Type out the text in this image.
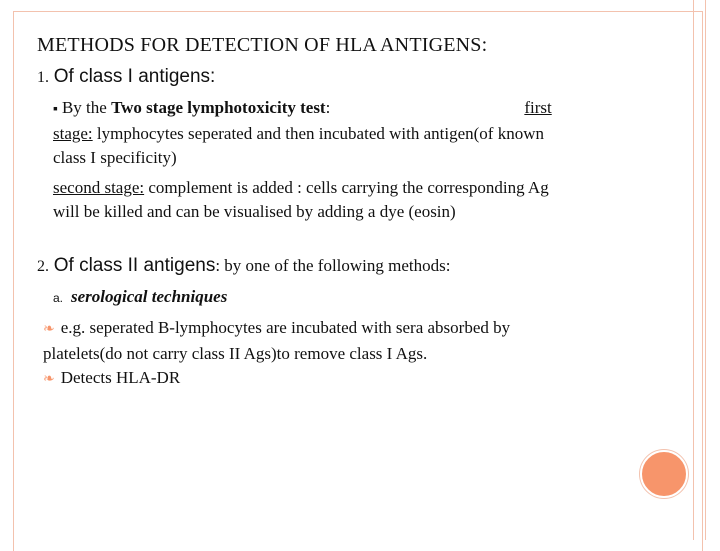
METHODS FOR DETECTION OF HLA ANTIGENS:
1. Of class I antigens:
▪ By the Two stage lymphotoxicity test:	first
stage: lymphocytes seperated and then incubated with antigen(of known
class I specificity)
second stage: complement is added : cells carrying the corresponding Ag
will be killed and can be visualised by adding a dye (eosin)
2. Of class II antigens: by one of the following methods:
a. serological techniques
❧ e.g. seperated B-lymphocytes are incubated with sera absorbed by
platelets(do not carry class II Ags)to remove class I Ags.
❧ Detects HLA-DR
